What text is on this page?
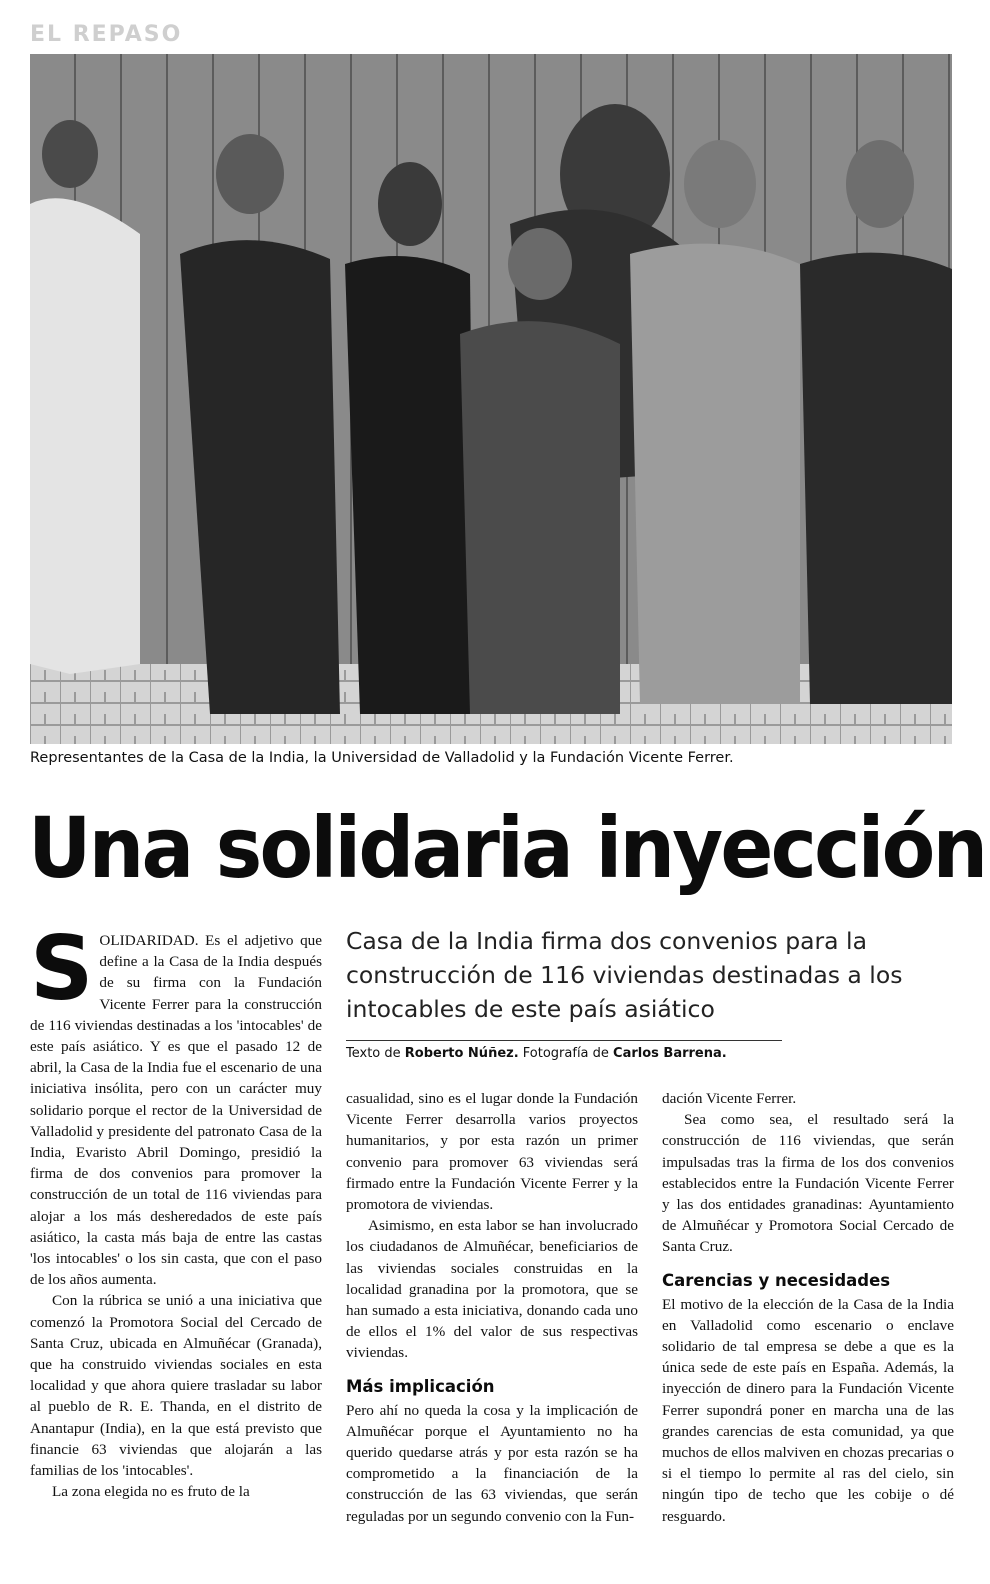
EL REPASO
Representantes de la Casa de la India, la Universidad de Valladolid y la Fundación Vicente Ferrer.
Una solidaria inyección
Casa de la India firma dos convenios para la construcción de 116 viviendas destinadas a los intocables de este país asiático
Texto de Roberto Núñez. Fotografía de Carlos Barrena.
S OLIDARIDAD. Es el adjetivo que define a la Casa de la India después de su firma con la Fundación Vicente Ferrer para la construcción de 116 viviendas destinadas a los 'intocables' de este país asiático. Y es que el pasado 12 de abril, la Casa de la India fue el escenario de una iniciativa insólita, pero con un carácter muy solidario porque el rector de la Universidad de Valladolid y presidente del patronato Casa de la India, Evaristo Abril Domingo, presidió la firma de dos convenios para promover la construcción de un total de 116 viviendas para alojar a los más desheredados de este país asiático, la casta más baja de entre las castas 'los intocables' o los sin casta, que con el paso de los años aumenta.

Con la rúbrica se unió a una iniciativa que comenzó la Promotora Social del Cercado de Santa Cruz, ubicada en Almuñécar (Granada), que ha construido viviendas sociales en esta localidad y que ahora quiere trasladar su labor al pueblo de R. E. Thanda, en el distrito de Anantapur (India), en la que está previsto que financie 63 viviendas que alojarán a las familias de los 'intocables'.

La zona elegida no es fruto de la

casualidad, sino es el lugar donde la Fundación Vicente Ferrer desarrolla varios proyectos humanitarios, y por esta razón un primer convenio para promover 63 viviendas será firmado entre la Fundación Vicente Ferrer y la promotora de viviendas.

Asimismo, en esta labor se han involucrado los ciudadanos de Almuñécar, beneficiarios de las viviendas sociales construidas en la localidad granadina por la promotora, que se han sumado a esta iniciativa, donando cada uno de ellos el 1% del valor de sus respectivas viviendas.

Más implicación

Pero ahí no queda la cosa y la implicación de Almuñécar porque el Ayuntamiento no ha querido quedarse atrás y por esta razón se ha comprometido a la financiación de la construcción de las 63 viviendas, que serán reguladas por un segundo convenio con la Fun-

dación Vicente Ferrer.

Sea como sea, el resultado será la construcción de 116 viviendas, que serán impulsadas tras la firma de los dos convenios establecidos entre la Fundación Vicente Ferrer y las dos entidades granadinas: Ayuntamiento de Almuñécar y Promotora Social Cercado de Santa Cruz.

Carencias y necesidades

El motivo de la elección de la Casa de la India en Valladolid como escenario o enclave solidario de tal empresa se debe a que es la única sede de este país en España. Además, la inyección de dinero para la Fundación Vicente Ferrer supondrá poner en marcha una de las grandes carencias de esta comunidad, ya que muchos de ellos malviven en chozas precarias o si el tiempo lo permite al ras del cielo, sin ningún tipo de techo que les cobije o dé resguardo.
